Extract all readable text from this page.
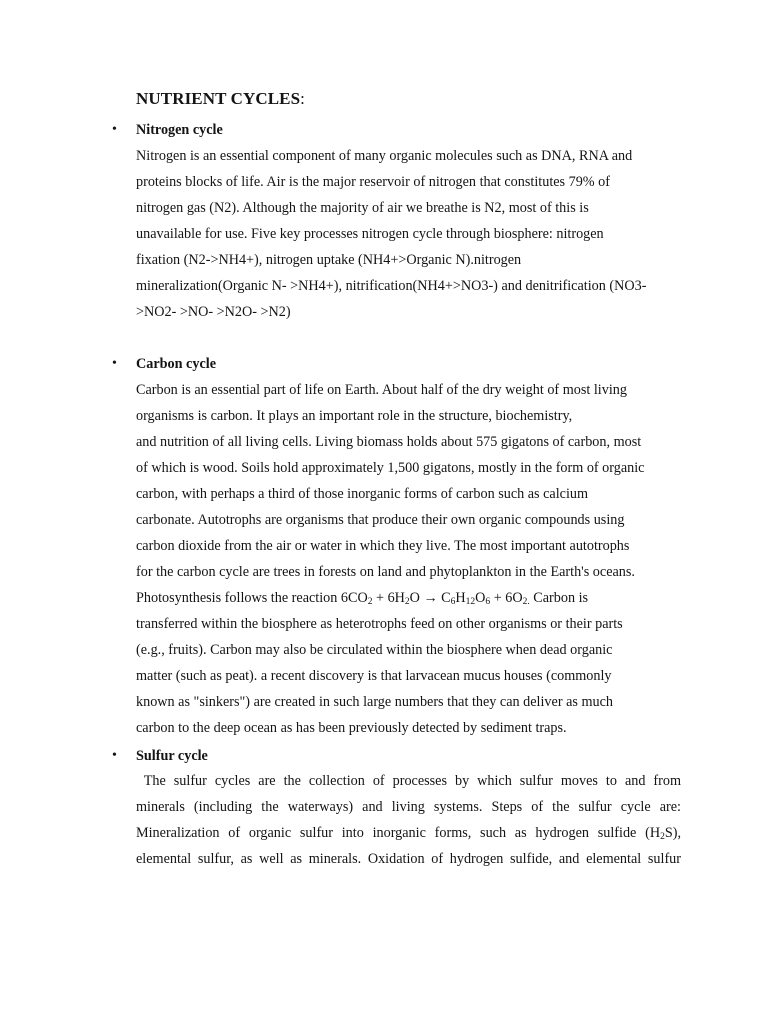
NUTRIENT CYCLES:
• Nitrogen cycle
Nitrogen is an essential component of many organic molecules such as DNA, RNA and
proteins blocks of life. Air is the major reservoir of nitrogen that constitutes 79% of
nitrogen gas (N2). Although the majority of air we breathe is N2, most of this is
unavailable for use. Five key processes nitrogen cycle through biosphere: nitrogen
fixation (N2->NH4+), nitrogen uptake (NH4+>Organic N).nitrogen
mineralization(Organic N- >NH4+), nitrification(NH4+>NO3-) and denitrification (NO3-
>NO2- >NO- >N2O- >N2)
• Carbon cycle
Carbon is an essential part of life on Earth. About half of the dry weight of most living
organisms is carbon. It plays an important role in the structure, biochemistry,
and nutrition of all living cells. Living biomass holds about 575 gigatons of carbon, most
of which is wood. Soils hold approximately 1,500 gigatons, mostly in the form of organic
carbon, with perhaps a third of those inorganic forms of carbon such as calcium
carbonate. Autotrophs are organisms that produce their own organic compounds using
carbon dioxide from the air or water in which they live. The most important autotrophs
for the carbon cycle are trees in forests on land and phytoplankton in the Earth's oceans.
Photosynthesis follows the reaction $6CO_2 + 6H_2O \to C_6H_{12}O_6 + 6O_{2.}$ Carbon is
transferred within the biosphere as heterotrophs feed on other organisms or their parts
(e.g., fruits). Carbon may also be circulated within the biosphere when dead organic
matter (such as peat). a recent discovery is that larvacean mucus houses (commonly
known as "sinkers") are created in such large numbers that they can deliver as much
carbon to the deep ocean as has been previously detected by sediment traps.
• Sulfur cycle
The sulfur cycles are the collection of processes by which sulfur moves to and from
minerals (including the waterways) and living systems. Steps of the sulfur cycle are:
Mineralization of organic sulfur into inorganic forms, such as hydrogen sulfide $(H_2S)$,
elemental sulfur, as well as minerals. Oxidation of hydrogen sulfide, and elemental sulfur
